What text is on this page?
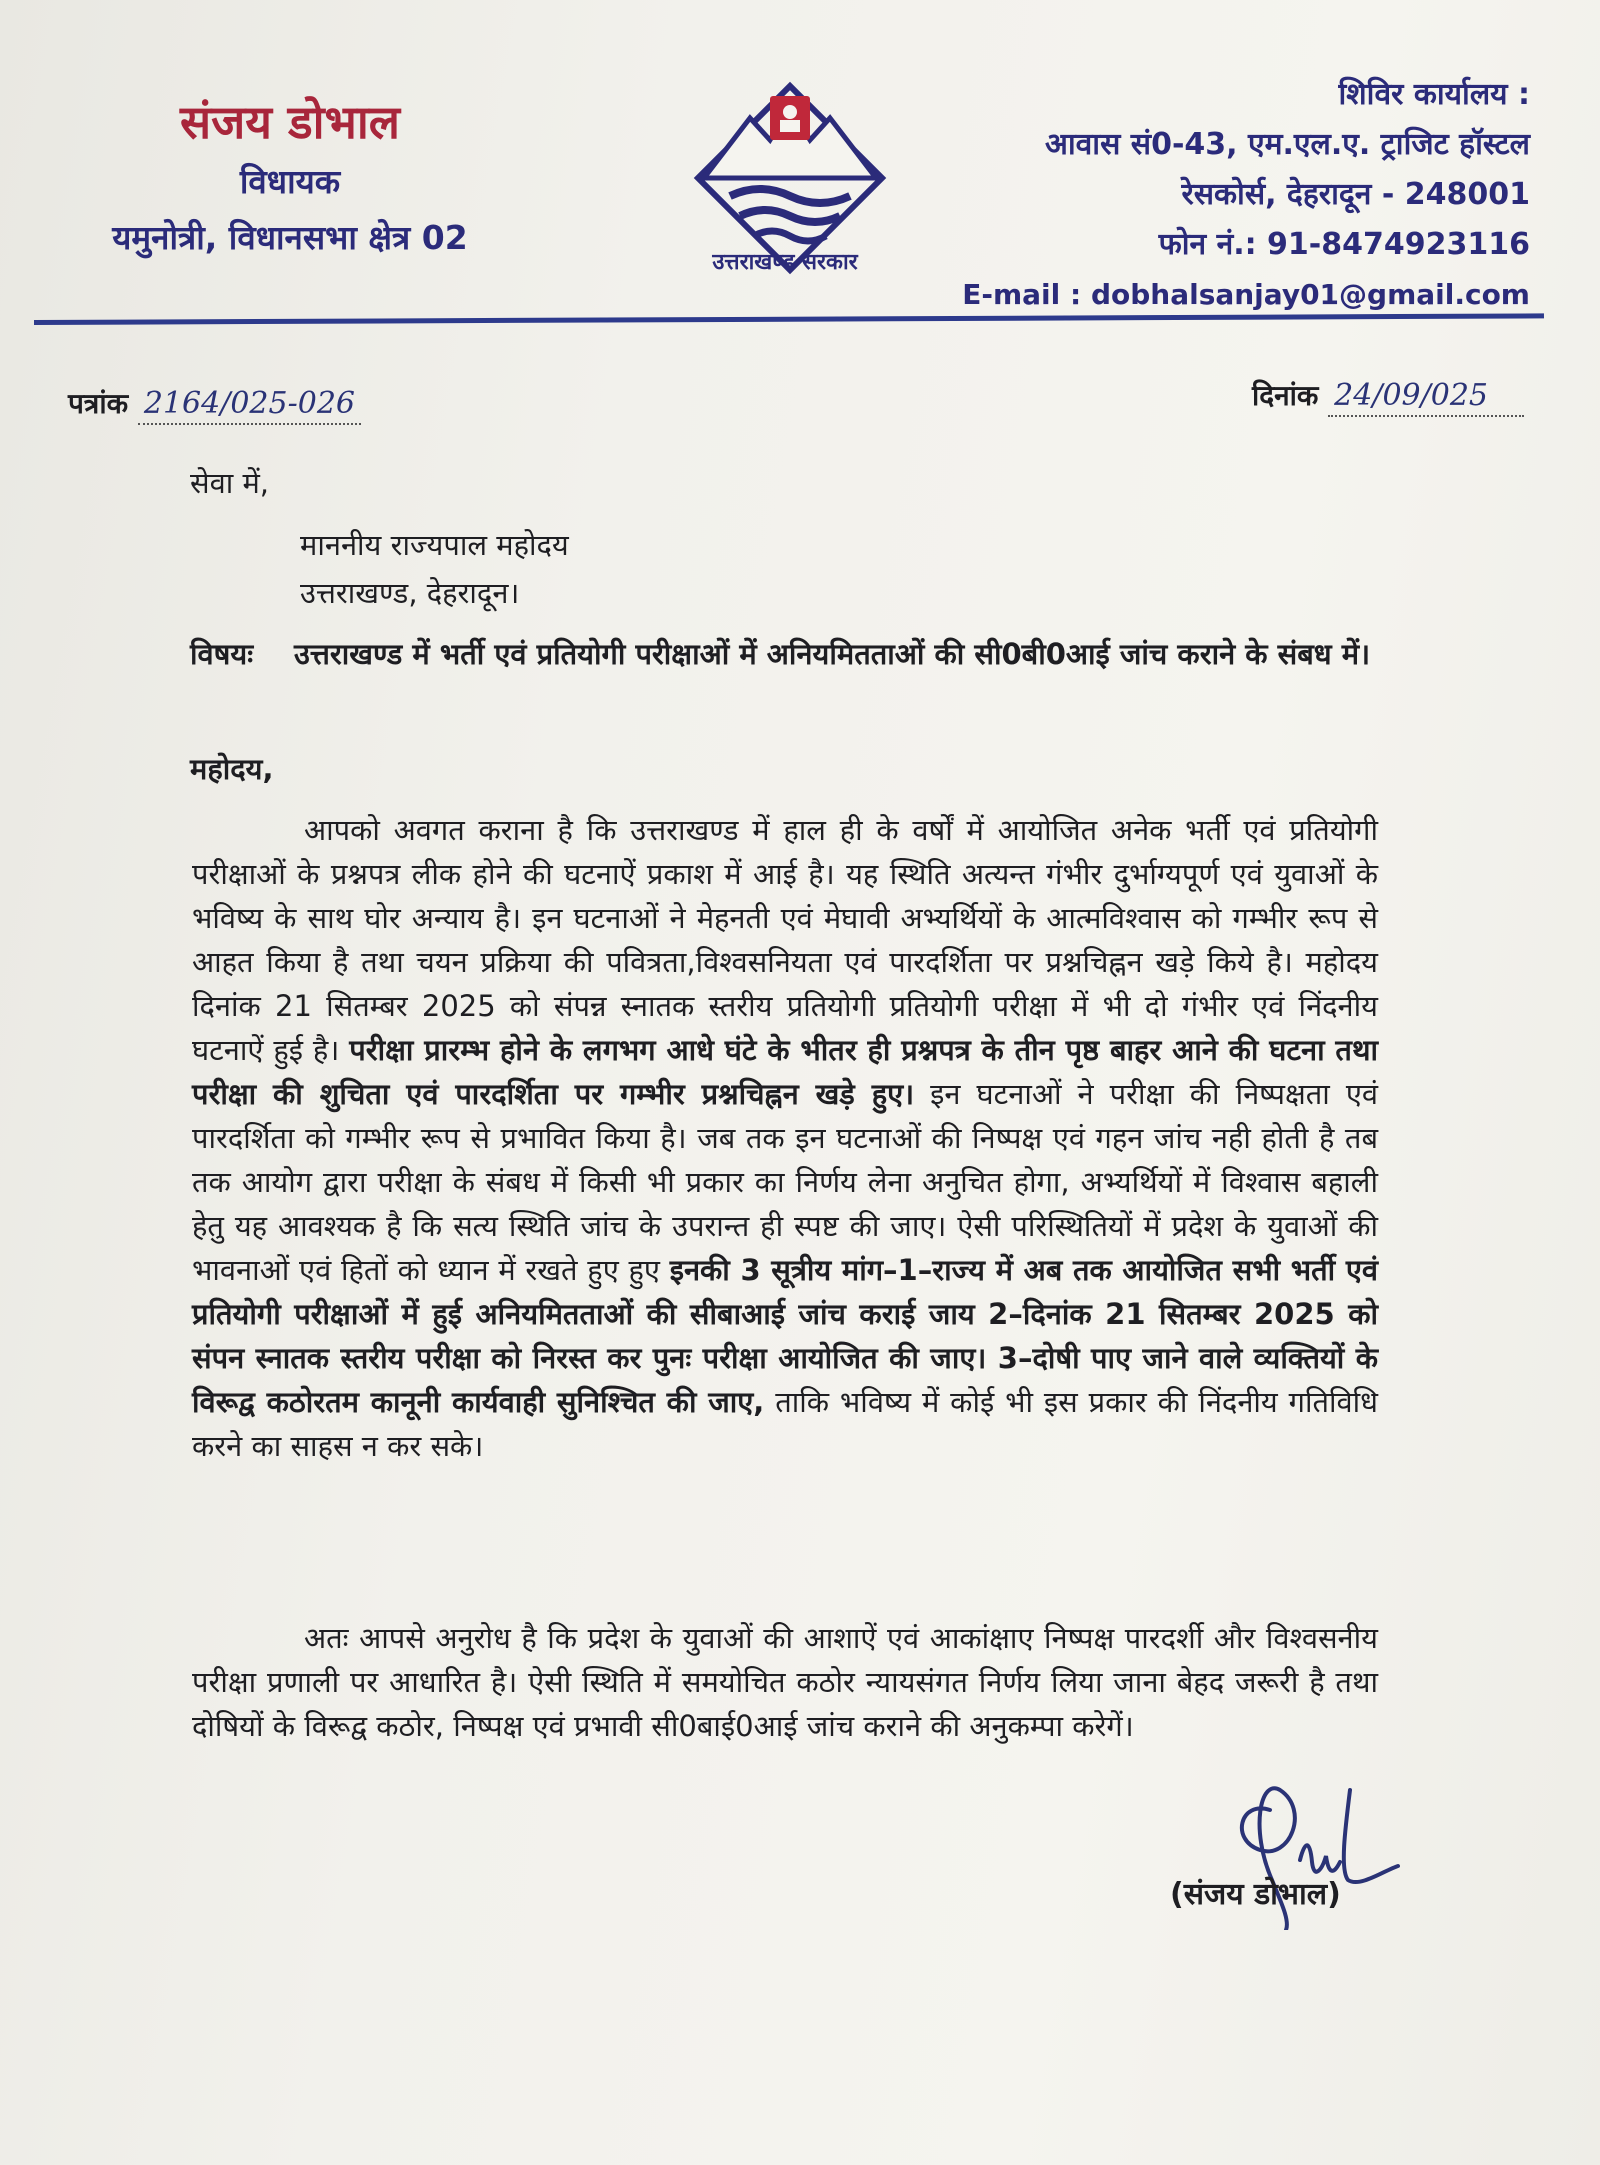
संजय डोभाल
विधायक
यमुनोत्री, विधानसभा क्षेत्र 02
उत्तराखण्ड सरकार
शिविर कार्यालय :
आवास सं0-43, एम.एल.ए. ट्राजिट हॉस्टल
रेसकोर्स, देहरादून - 248001
फोन नं.: 91-8474923116
E-mail : dobhalsanjay01@gmail.com
पत्रांक 2164/025-026	दिनांक 24/09/025
सेवा में,
माननीय राज्यपाल महोदय
उत्तराखण्ड, देहरादून।
विषयः उत्तराखण्ड में भर्ती एवं प्रतियोगी परीक्षाओं में अनियमितताओं की सी0बी0आई जांच कराने के संबध में।
महोदय,
आपको अवगत कराना है कि उत्तराखण्ड में हाल ही के वर्षों में आयोजित अनेक भर्ती एवं प्रतियोगी परीक्षाओं के प्रश्नपत्र लीक होने की घटनाऐं प्रकाश में आई है। यह स्थिति अत्यन्त गंभीर दुर्भाग्यपूर्ण एवं युवाओं के भविष्य के साथ घोर अन्याय है। इन घटनाओं ने मेहनती एवं मेघावी अभ्यर्थियों के आत्मविश्वास को गम्भीर रूप से आहत किया है तथा चयन प्रक्रिया की पवित्रता,विश्वसनियता एवं पारदर्शिता पर प्रश्नचिह्नन खड़े किये है। महोदय दिनांक 21 सितम्बर 2025 को संपन्न स्नातक स्तरीय प्रतियोगी प्रतियोगी परीक्षा में भी दो गंभीर एवं निंदनीय घटनाऐं हुई है। परीक्षा प्रारम्भ होने के लगभग आधे घंटे के भीतर ही प्रश्नपत्र के तीन पृष्ठ बाहर आने की घटना तथा परीक्षा की शुचिता एवं पारदर्शिता पर गम्भीर प्रश्नचिह्नन खड़े हुए। इन घटनाओं ने परीक्षा की निष्पक्षता एवं पारदर्शिता को गम्भीर रूप से प्रभावित किया है। जब तक इन घटनाओं की निष्पक्ष एवं गहन जांच नही होती है तब तक आयोग द्वारा परीक्षा के संबध में किसी भी प्रकार का निर्णय लेना अनुचित होगा, अभ्यर्थियों में विश्वास बहाली हेतु यह आवश्यक है कि सत्य स्थिति जांच के उपरान्त ही स्पष्ट की जाए। ऐसी परिस्थितियों में प्रदेश के युवाओं की भावनाओं एवं हितों को ध्यान में रखते हुए हुए इनकी 3 सूत्रीय मांग–1–राज्य में अब तक आयोजित सभी भर्ती एवं प्रतियोगी परीक्षाओं में हुई अनियमितताओं की सीबाआई जांच कराई जाय 2–दिनांक 21 सितम्बर 2025 को संपन स्नातक स्तरीय परीक्षा को निरस्त कर पुनः परीक्षा आयोजित की जाए। 3–दोषी पाए जाने वाले व्यक्तियों के विरूद्व कठोरतम कानूनी कार्यवाही सुनिश्चित की जाए, ताकि भविष्य में कोई भी इस प्रकार की निंदनीय गतिविधि करने का साहस न कर सके।
अतः आपसे अनुरोध है कि प्रदेश के युवाओं की आशाऐं एवं आकांक्षाए निष्पक्ष पारदर्शी और विश्वसनीय परीक्षा प्रणाली पर आधारित है। ऐसी स्थिति में समयोचित कठोर न्यायसंगत निर्णय लिया जाना बेहद जरूरी है तथा दोषियों के विरूद्व कठोर, निष्पक्ष एवं प्रभावी सी0बाई0आई जांच कराने की अनुकम्पा करेगें।
(संजय डोभाल)
